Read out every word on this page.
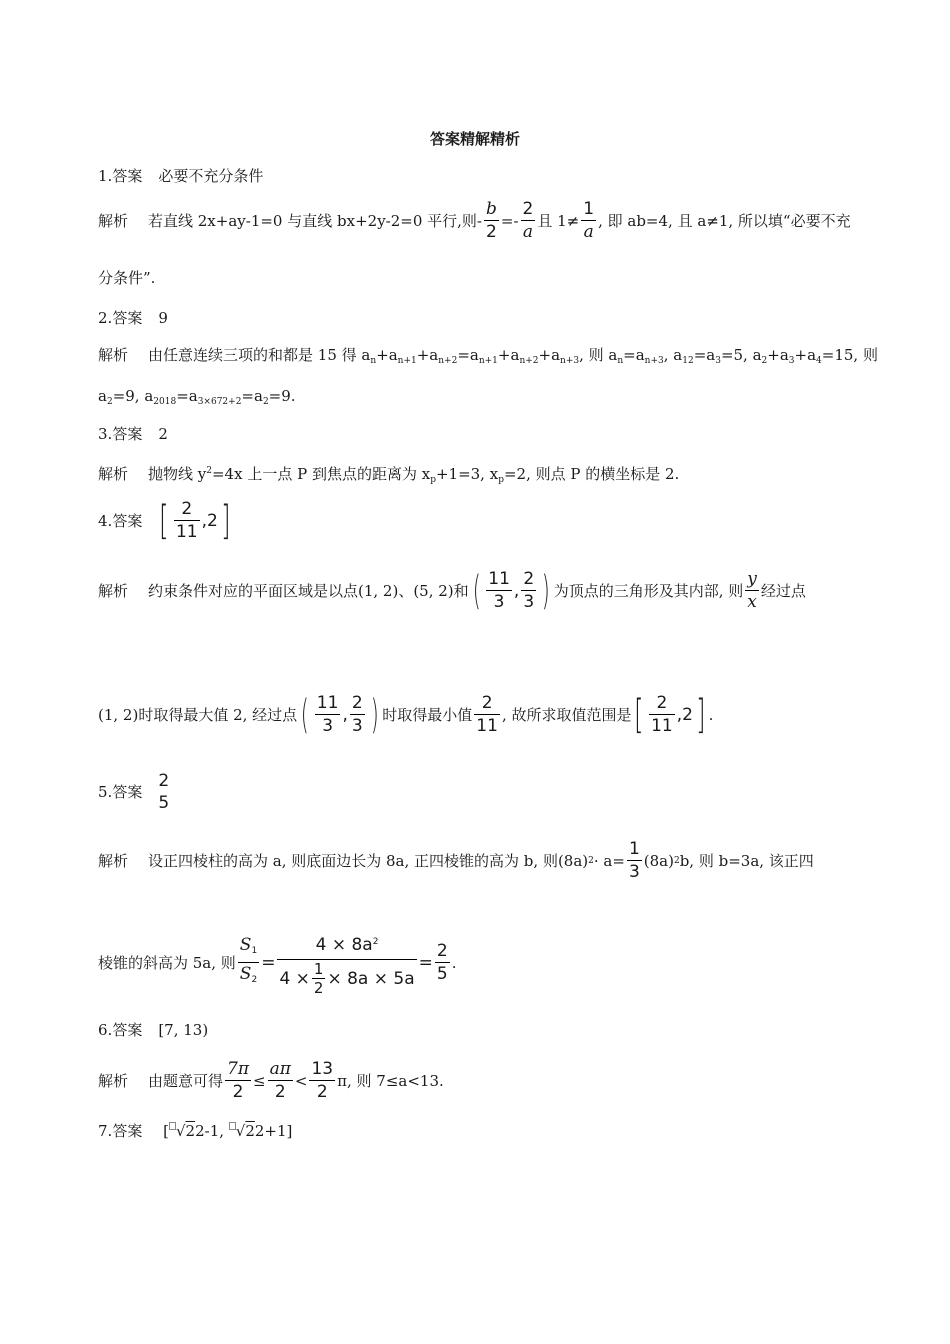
答案精解精析
1.答案 必要不充分条件
解析	若直线 2x+ay-1=0 与直线 bx+2y-2=0 平行,则- $\frac{b}{2} =- \frac{2}{a}$ 且 $1\ne \frac{1}{a}$ , 即 ab=4, 且 a≠1, 所以填“必要不充
分条件”.
2.答案 9
解析 由任意连续三项的和都是 15 得 $a_n+a_{n+1}+a_{n+2}=a_{n+1}+a_{n+2}+a_{n+3}$, 则 $a_n=a_{n+3}$, $a_{12}=a_3=5$, $a_2+a_3+a_4=15$, 则
$a_2=9$, $a_{2018}=a_{3\times 672+2}=a_2=9$.
3.答案 2
解析 抛物线 $y^2=4x$ 上一点 P 到焦点的距离为 $x_p+1=3$, $x_p=2$, 则点 P 的横坐标是 2.
4. 答案 [ $\frac{2}{11}$ , 2 ]
解析	约束条件对应的平面区域是以点(1, 2)、(5, 2)和 ( $\frac{11}{3}$ , $\frac{2}{3}$ ) 为顶点的三角形及其内部, 则 $\frac{y}{x}$ 经过点
(1, 2)时取得最大值 2, 经过点 ( $\frac{11}{3}$ , $\frac{2}{3}$ ) 时取得最小值 $\frac{2}{11}$ , 故所求取值范围是 [ $\frac{2}{11}$ , 2 ] .
5. 答案
2
5
解析	设正四棱柱的高为 a, 则底面边长为 8a, 正四棱锥的高为 b, 则(8a) $2 \cdot a= \frac{1}{3} (8a)$ 2 b, 则 b=3a, 该正四
棱锥的斜高为 5a, 则 $\frac{S_1}{S_2} = \frac{4 \times 8a^2}{4 \times \frac{1}{2} \times 8a \times 5a} = \frac{2}{5}$ .
6.答案 [7, 13)
解析	由题意可得 $\frac{7\pi}{2} \le \frac{a\pi}{2} < \frac{13}{2} \pi$, 则 7≤a<13.
7.答案 [ √22-1, √22+1]
